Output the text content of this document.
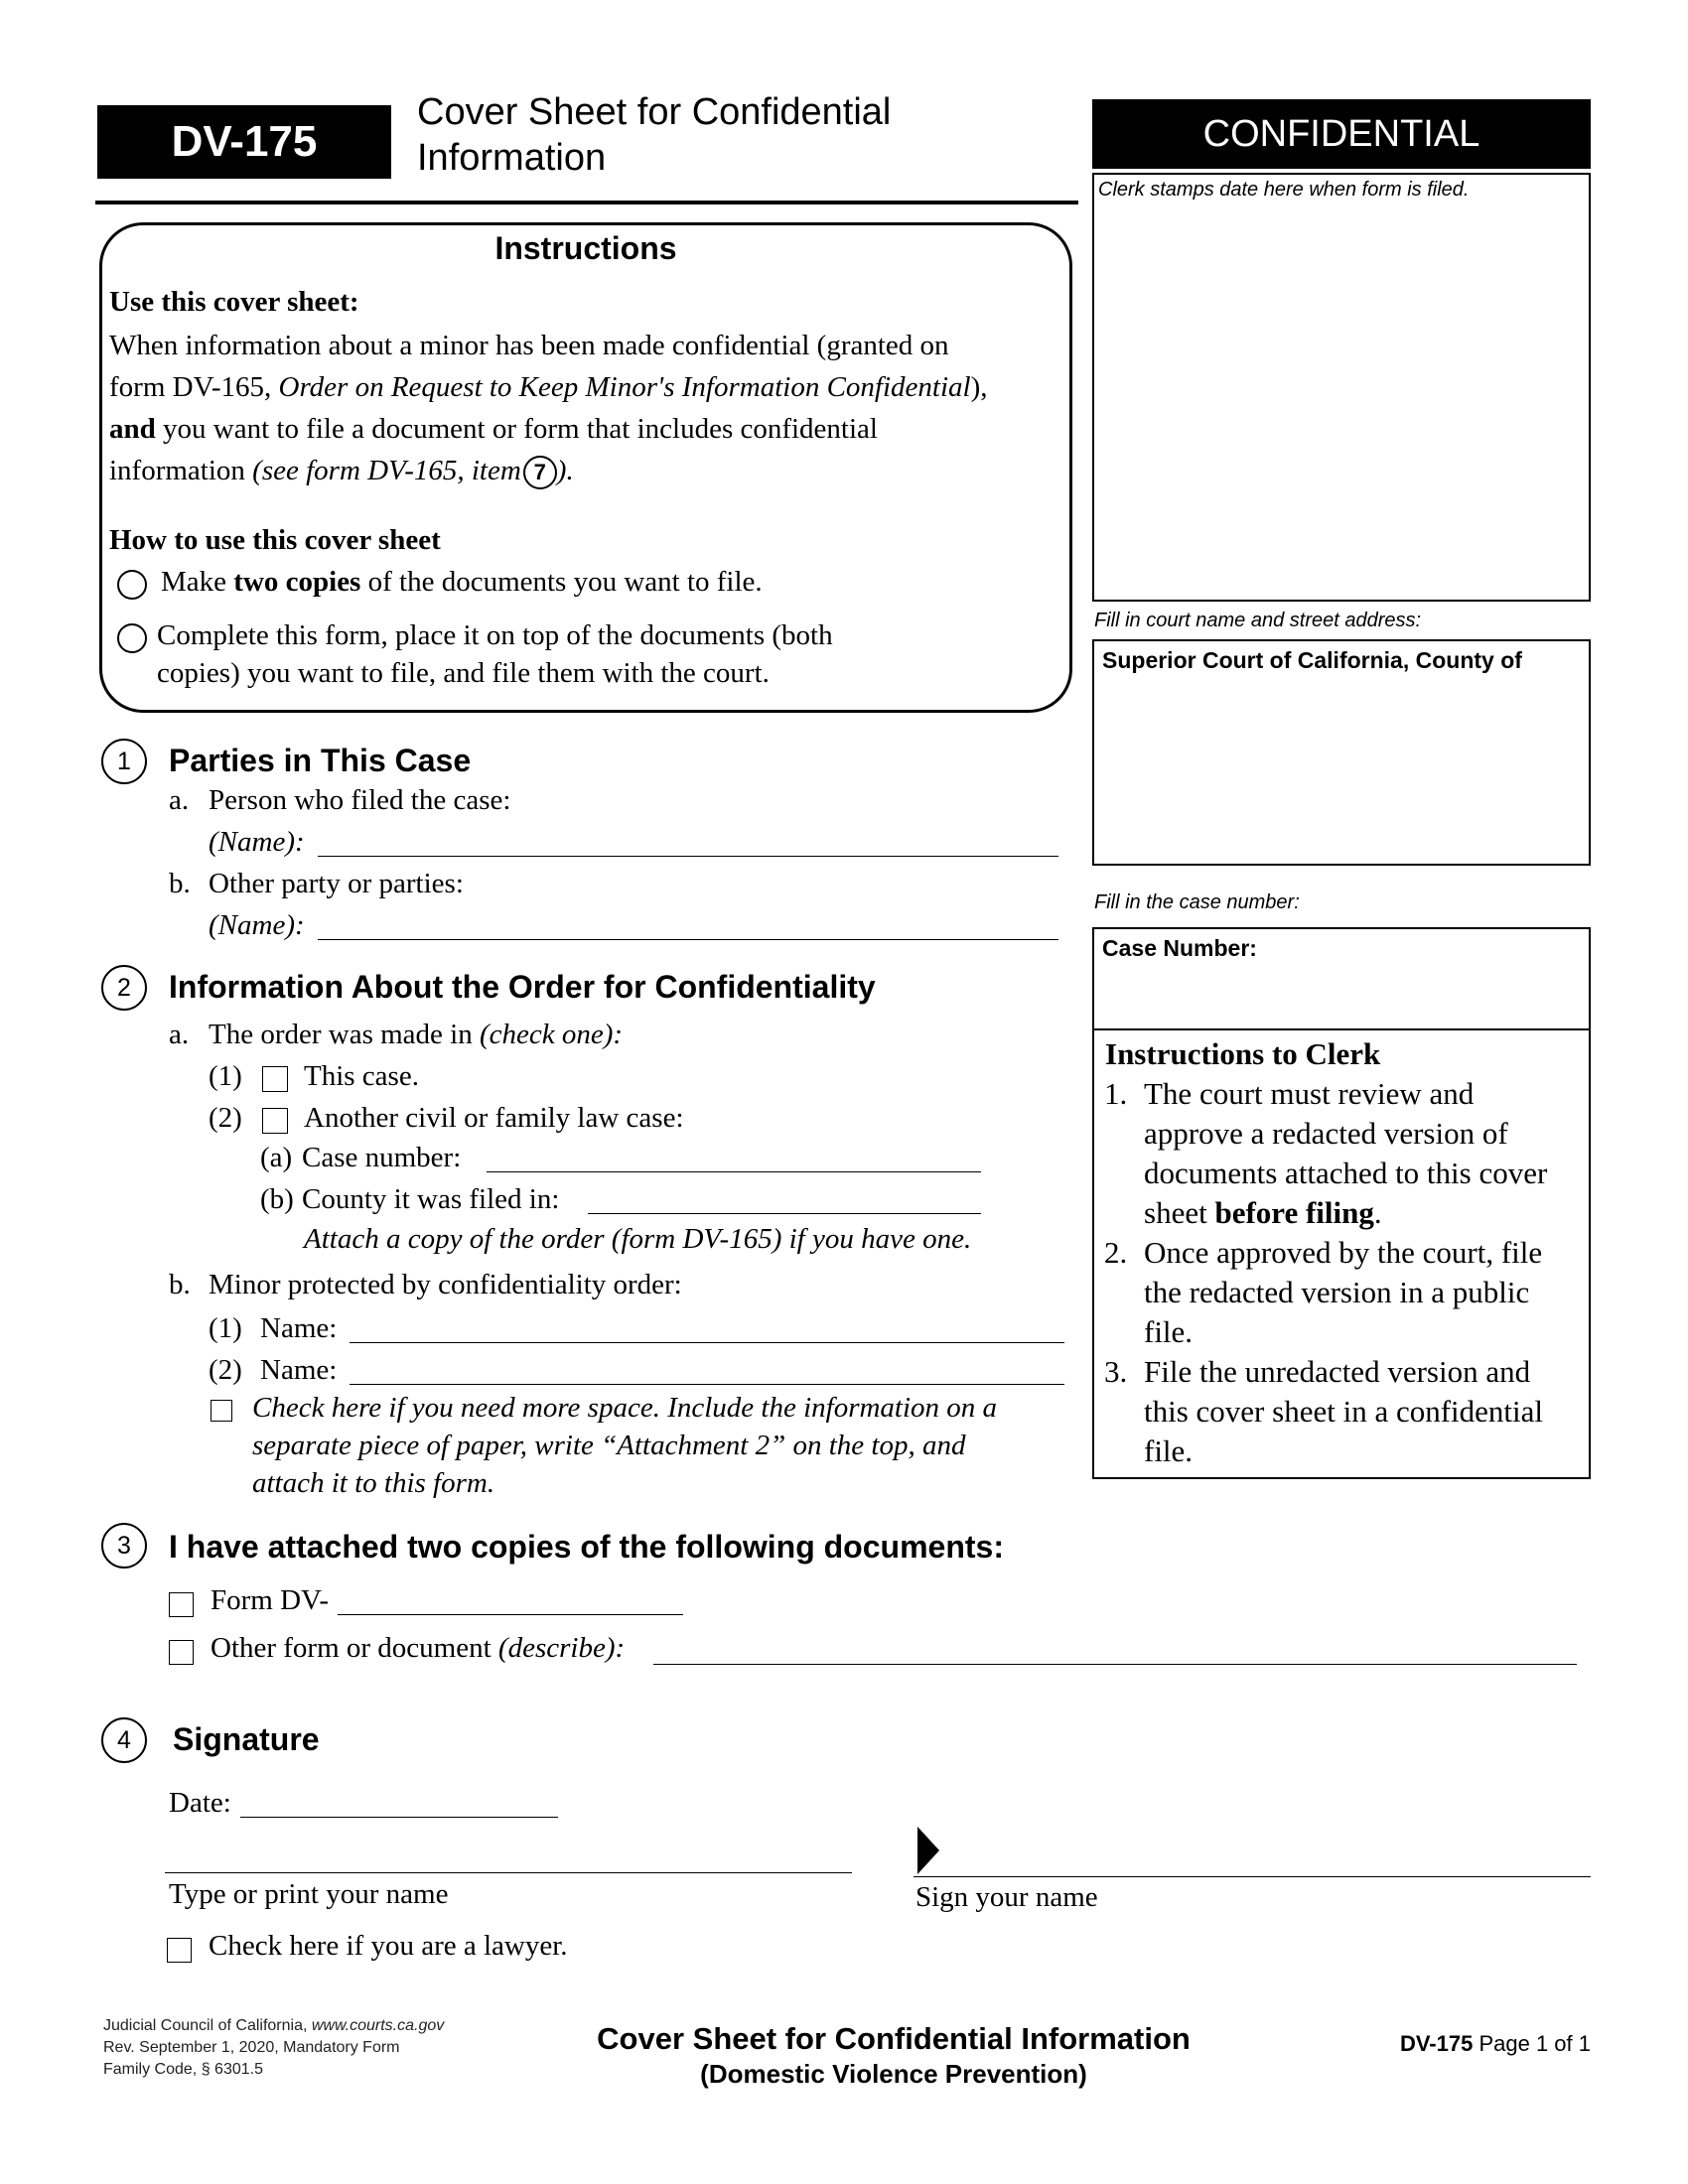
DV-175
Cover Sheet for Confidential
Information
CONFIDENTIAL
Clerk stamps date here when form is filed.
Fill in court name and street address:
Superior Court of California, County of
Fill in the case number:
Case Number:
Instructions to Clerk
1. The court must review and
approve a redacted version of
documents attached to this cover
sheet before filing.
2. Once approved by the court, file
the redacted version in a public
file.
3. File the unredacted version and
this cover sheet in a confidential
file.
Instructions
Use this cover sheet:
When information about a minor has been made confidential (granted on
form DV-165, Order on Request to Keep Minor's Information Confidential),
and you want to file a document or form that includes confidential
information (see form DV-165, item 7 ).
How to use this cover sheet
Make two copies of the documents you want to file.
Complete this form, place it on top of the documents (both
copies) you want to file, and file them with the court.
1	Parties in This Case
a. Person who filed the case:
(Name):
b. Other party or parties:
(Name):
2	Information About the Order for Confidentiality
a. The order was made in (check one):
(1) This case.
(2) Another civil or family law case:
(a) Case number:
(b) County it was filed in:
Attach a copy of the order (form DV-165) if you have one.
b. Minor protected by confidentiality order:
(1) Name:
(2) Name:
Check here if you need more space. Include the information on a
separate piece of paper, write “Attachment 2” on the top, and
attach it to this form.
3	I have attached two copies of the following documents:
Form DV-
Other form or document (describe):
4	Signature
Date:
Type or print your name	Sign your name
Check here if you are a lawyer.
Judicial Council of California, www.courts.ca.gov
Rev. September 1, 2020, Mandatory Form
Family Code, § 6301.5
Cover Sheet for Confidential Information
(Domestic Violence Prevention)
DV-175 Page 1 of 1
